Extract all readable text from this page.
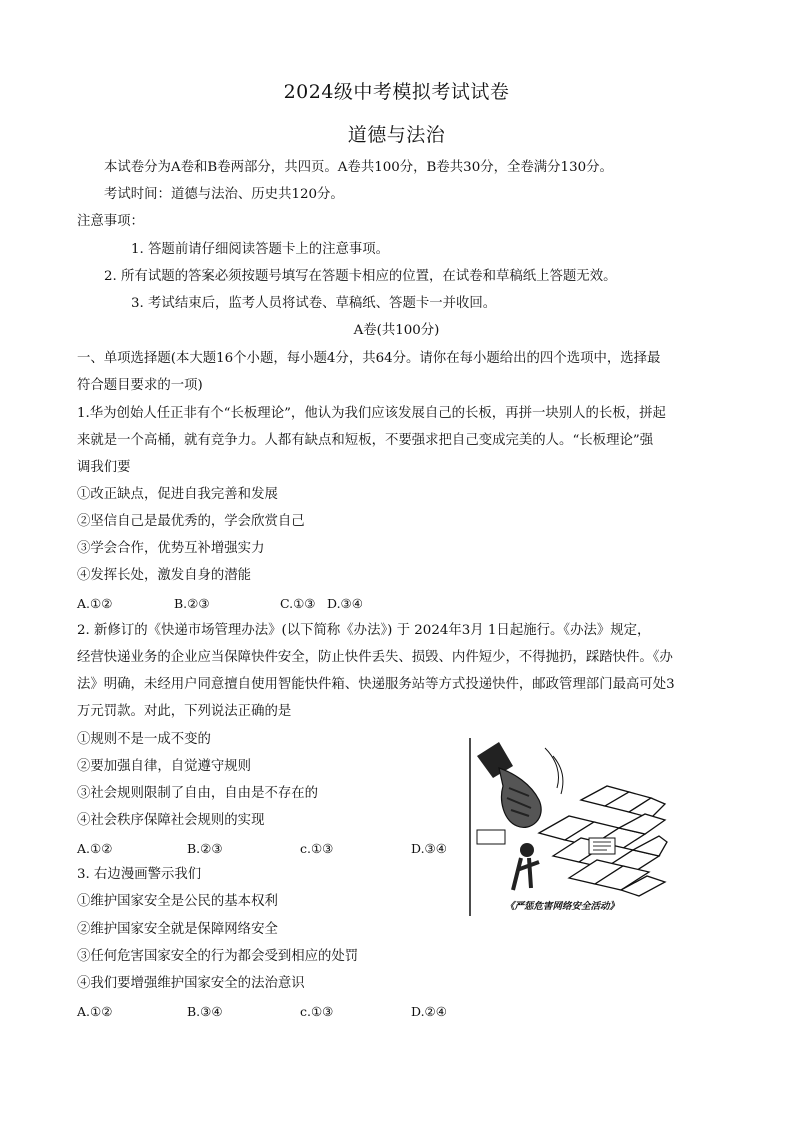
2024级中考模拟考试试卷
道德与法治
本试卷分为A卷和B卷两部分，共四页。A卷共100分，B卷共30分，全卷满分130分。
考试时间：道德与法治、历史共120分。
注意事项：
1. 答题前请仔细阅读答题卡上的注意事项。
2. 所有试题的答案必须按题号填写在答题卡相应的位置，在试卷和草稿纸上答题无效。
3. 考试结束后，监考人员将试卷、草稿纸、答题卡一并收回。
A卷(共100分)
一、单项选择题(本大题16个小题，每小题4分，共64分。请你在每小题给出的四个选项中，选择最
符合题目要求的一项)
1.华为创始人任正非有个“长板理论”，他认为我们应该发展自己的长板，再拼一块别人的长板，拼起
来就是一个高桶，就有竞争力。人都有缺点和短板，不要强求把自己变成完美的人。“长板理论”强
调我们要
①改正缺点，促进自我完善和发展
②坚信自己是最优秀的，学会欣赏自己
③学会合作，优势互补增强实力
④发挥长处，激发自身的潜能
A.①②	B.②③	C.①③ D.③④
2. 新修订的《快递市场管理办法》(以下简称《办法》) 于 2024年3月 1日起施行。《办法》规定，
经营快递业务的企业应当保障快件安全，防止快件丢失、损毁、内件短少，不得抛扔，踩踏快件。《办
法》明确，未经用户同意擅自使用智能快件箱、快递服务站等方式投递快件，邮政管理部门最高可处3
万元罚款。对此，下列说法正确的是
①规则不是一成不变的
②要加强自律，自觉遵守规则
③社会规则限制了自由，自由是不存在的
④社会秩序保障社会规则的实现
A.①②	B.②③	c.①③	D.③④
3. 右边漫画警示我们
①维护国家安全是公民的基本权利
②维护国家安全就是保障网络安全
③任何危害国家安全的行为都会受到相应的处罚
④我们要增强维护国家安全的法治意识
A.①②	B.③④	c.①③	D.②④
《严惩危害网络安全活动》
